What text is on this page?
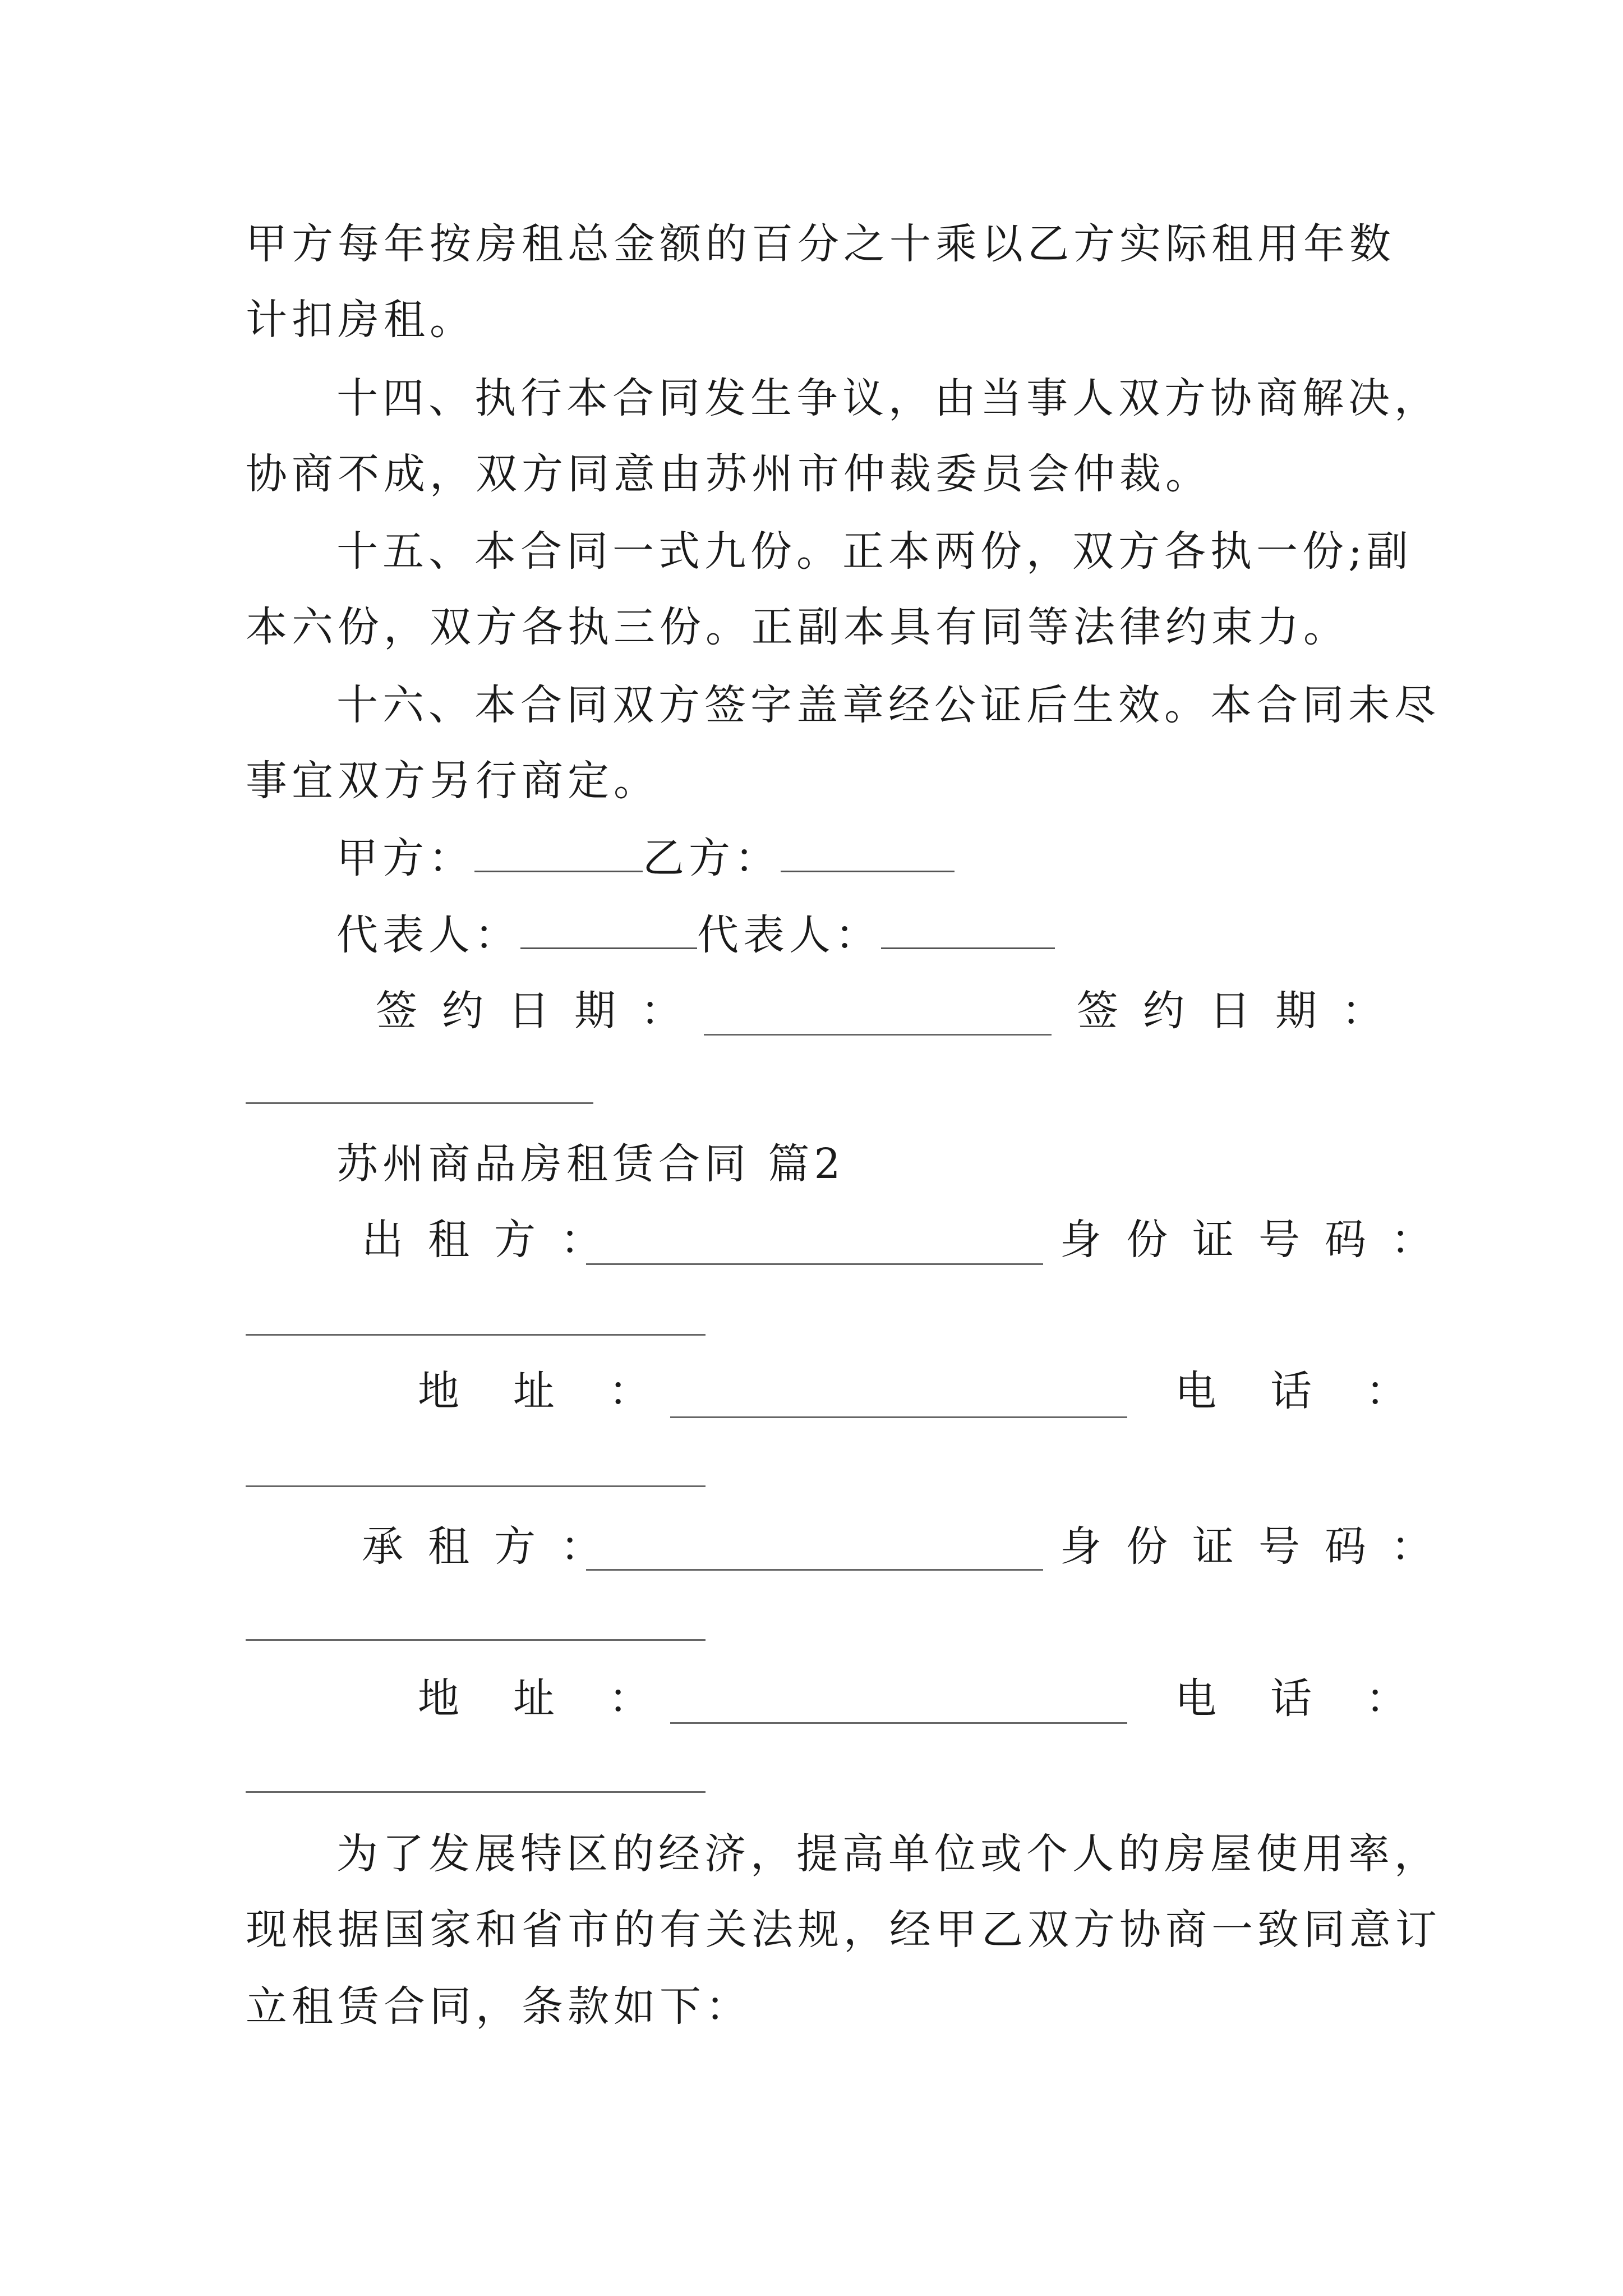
甲方每年按房租总金额的百分之十乘以乙方实际租用年数
计扣房租。
十四、执行本合同发生争议，由当事人双方协商解决，
协商不成，双方同意由苏州市仲裁委员会仲裁。
十五、本合同一式九份。正本两份，双方各执一份;副
本六份，双方各执三份。正副本具有同等法律约束力。
十六、本合同双方签字盖章经公证后生效。本合同未尽
事宜双方另行商定。
甲方：	乙方：
代表人：	代表人：
签约日期：	签约日期：
苏州商品房租赁合同 篇2
出租方：	身份证号码：
地址：	电话：
承租方：	身份证号码：
地址：	电话：
为了发展特区的经济，提高单位或个人的房屋使用率，
现根据国家和省市的有关法规，经甲乙双方协商一致同意订
立租赁合同，条款如下：
